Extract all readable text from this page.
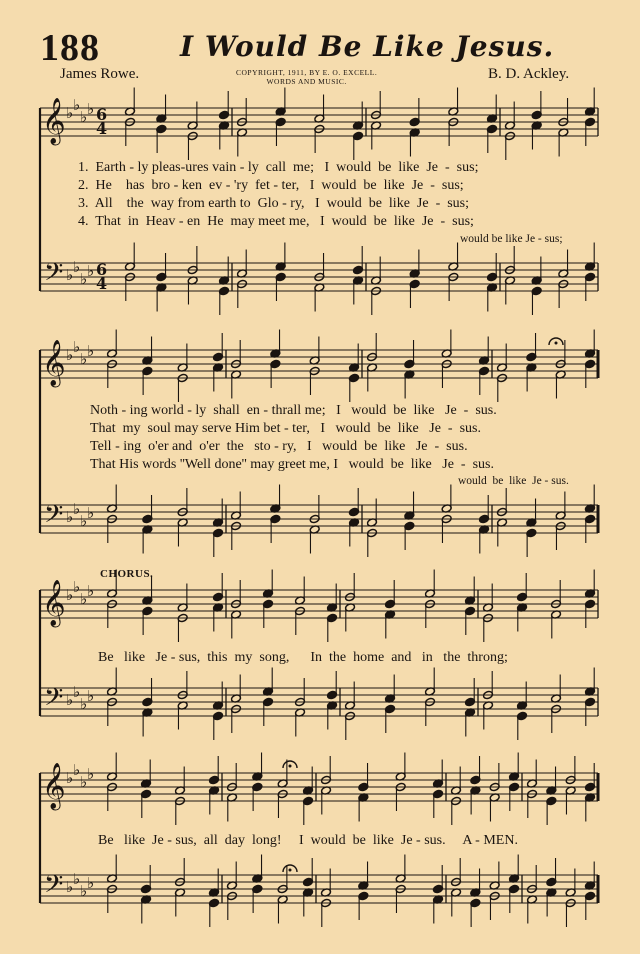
188	I Would Be Like Jesus.
James Rowe.	COPYRIGHT, 1911, BY E. O. EXCELL.
WORDS AND MUSIC.	B. D. Ackley.
𝄞
𝄢
♭ ♭
♭ ♭
♭ ♭
♭ ♭
6
4
6
4
𝄞
𝄢
♭ ♭
♭ ♭
♭ ♭
♭ ♭
𝄞
𝄢
♭ ♭
♭ ♭
♭ ♭
♭ ♭
𝄞
𝄢
♭ ♭
♭ ♭
♭ ♭
♭ ♭
1.  Earth - ly pleas-ures vain - ly  call  me;   I  would  be  like  Je  -  sus;
2.  He    has  bro - ken  ev - 'ry  fet - ter,   I  would  be  like  Je  -  sus;
3.  All    the  way from earth to  Glo - ry,   I  would  be  like  Je  -  sus;
4.  That  in  Heav - en  He  may meet me,   I  would  be  like  Je  -  sus;
would be like Je - sus;
Noth - ing world - ly  shall  en - thrall me;   I   would  be  like   Je  -  sus.
That  my  soul may serve Him bet - ter,   I   would  be  like   Je  -  sus.
Tell - ing  o'er and  o'er  the   sto - ry,   I   would  be  like   Je  -  sus.
That His words ''Well done'' may greet me, I   would  be  like   Je  -  sus.
would  be  like  Je - sus.
CHORUS.
Be   like   Je - sus,  this  my  song,      In  the  home  and   in   the  throng;
Be   like  Je - sus,  all  day  long!     I  would  be  like  Je - sus.     A - MEN.
